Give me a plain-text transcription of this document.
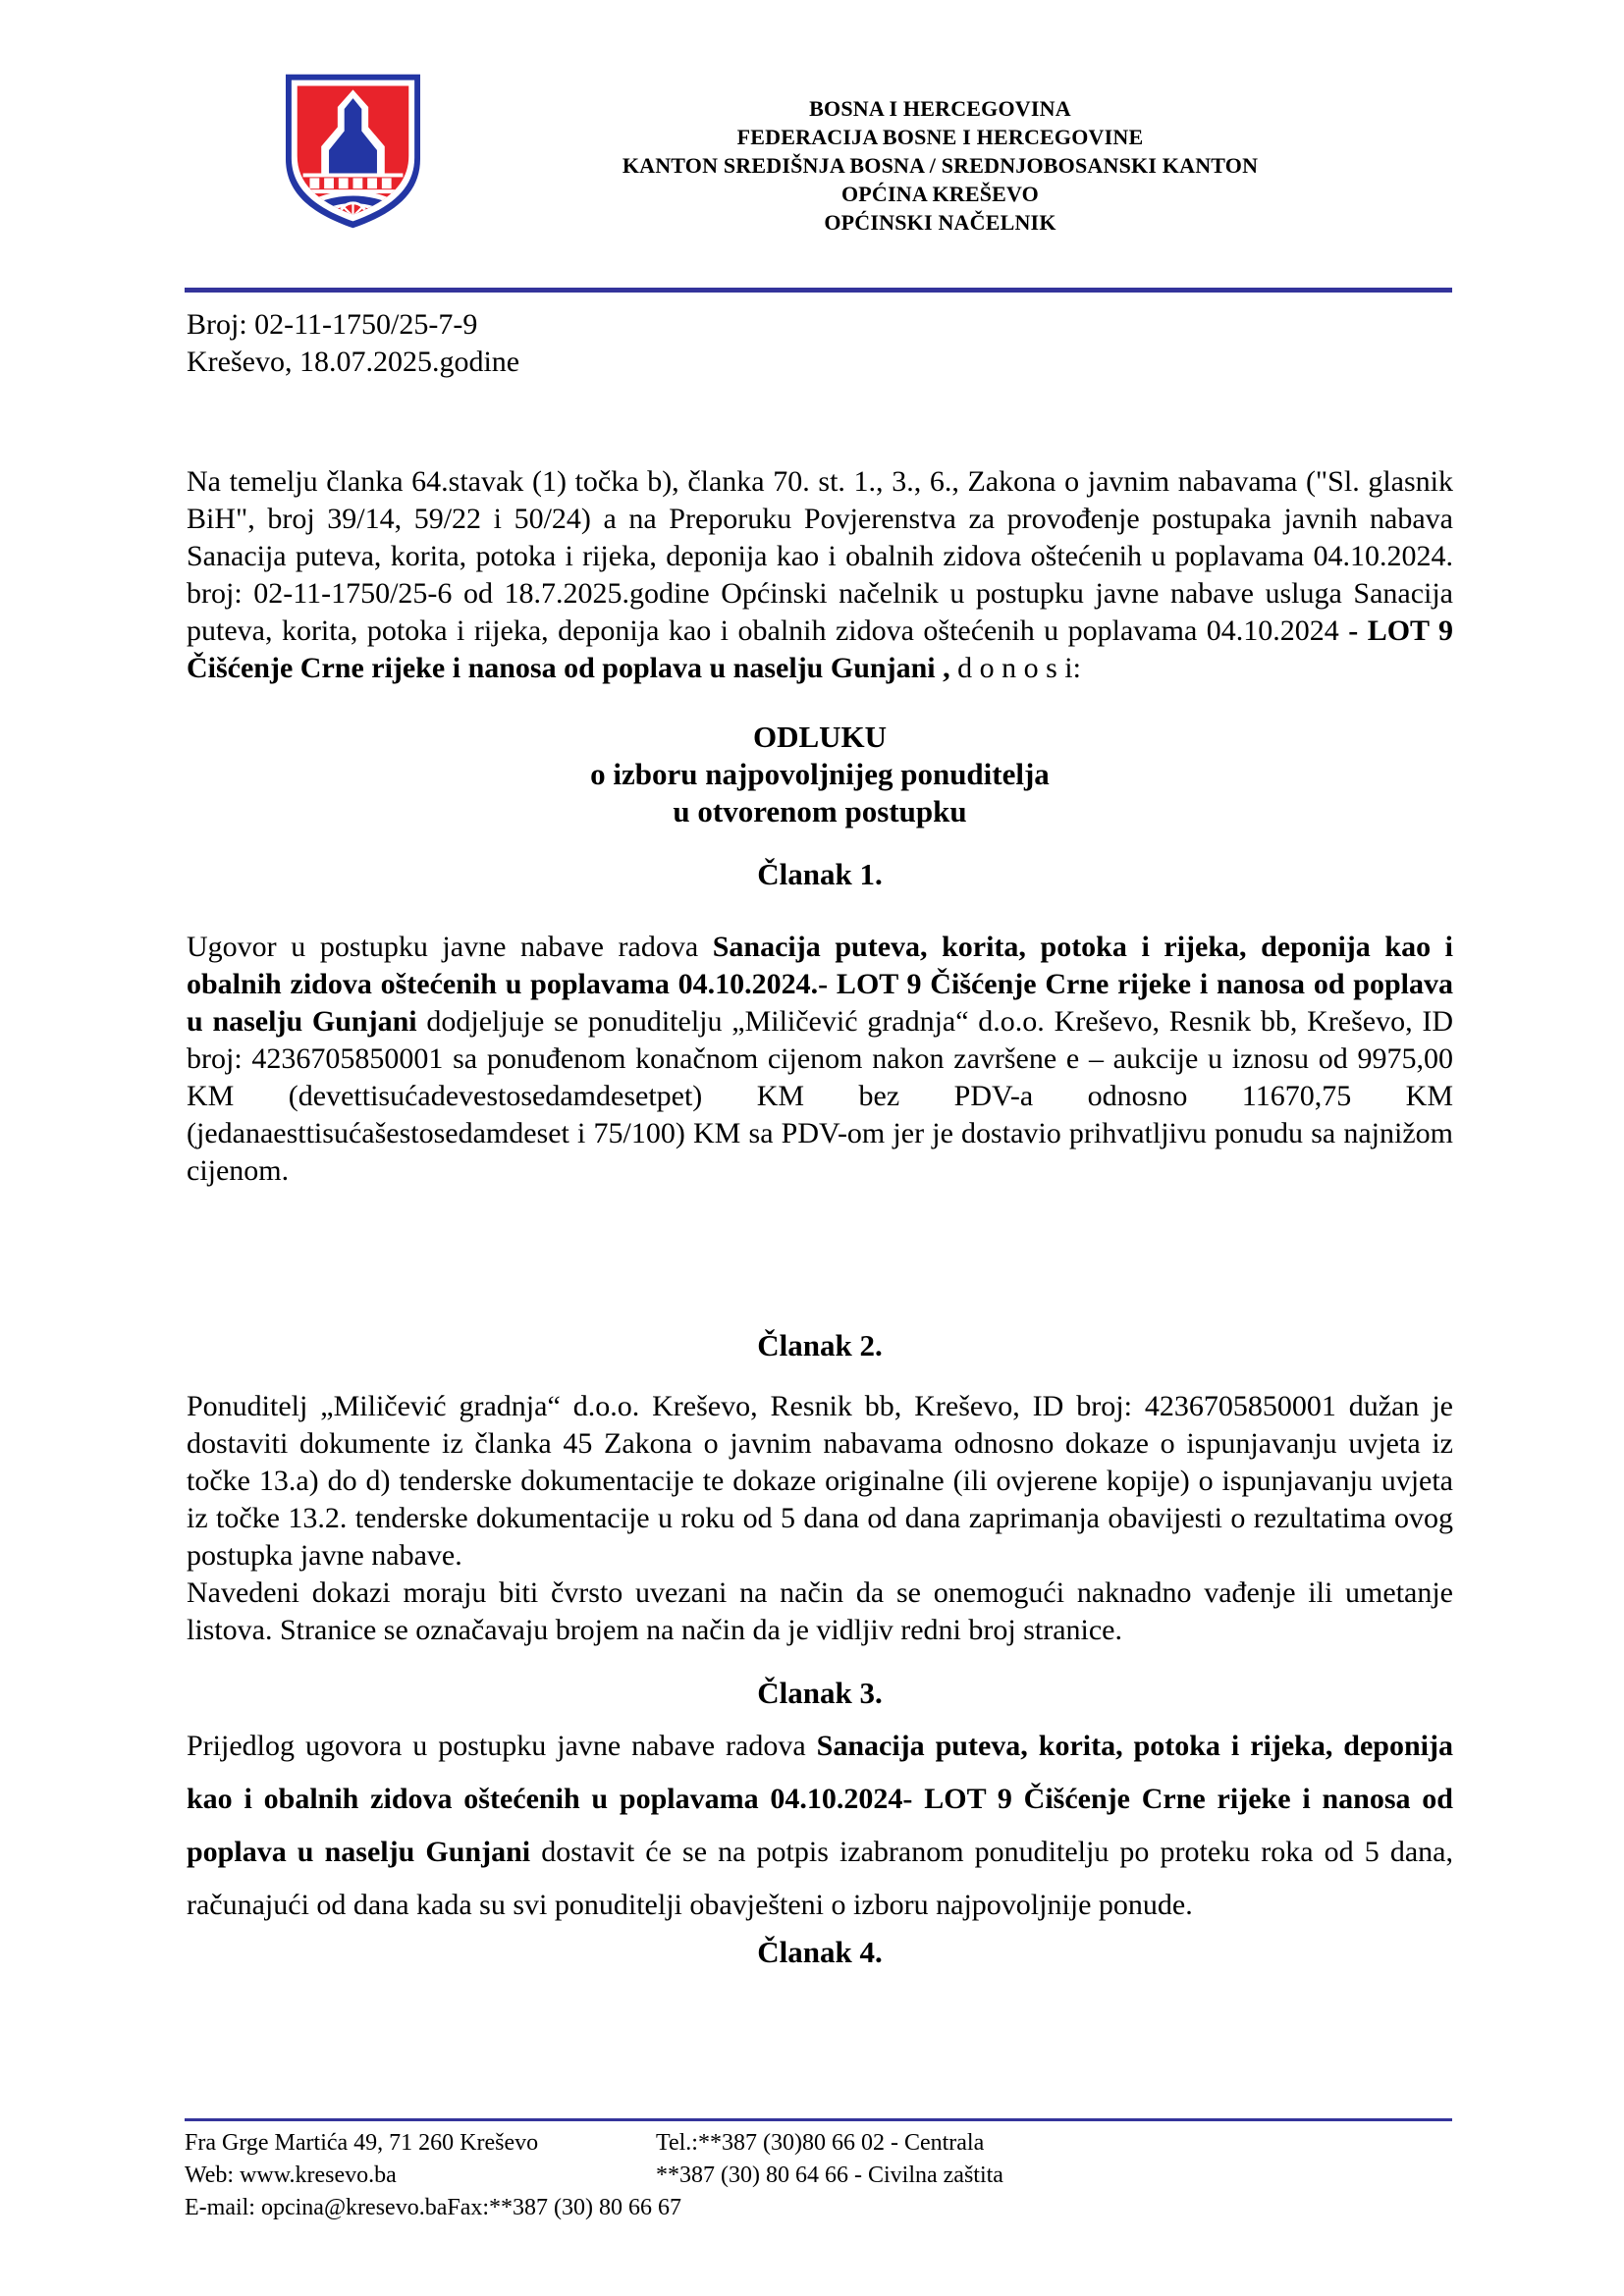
BOSNA I HERCEGOVINA
FEDERACIJA BOSNE I HERCEGOVINE
KANTON SREDIŠNJA BOSNA / SREDNJOBOSANSKI KANTON
OPĆINA KREŠEVO
OPĆINSKI NAČELNIK
Broj: 02-11-1750/25-7-9
Kreševo, 18.07.2025.godine

Na temelju članka 64.stavak (1) točka b), članka 70. st. 1., 3., 6., Zakona o javnim nabavama ("Sl. glasnik BiH", broj 39/14, 59/22 i 50/24) a na Preporuku Povjerenstva za provođenje postupaka javnih nabava Sanacija puteva, korita, potoka i rijeka, deponija kao i obalnih zidova oštećenih u poplavama 04.10.2024. broj: 02-11-1750/25-6 od 18.7.2025.godine Općinski načelnik u postupku javne nabave usluga Sanacija puteva, korita, potoka i rijeka, deponija kao i obalnih zidova oštećenih u poplavama 04.10.2024 - LOT 9 Čišćenje Crne rijeke i nanosa od poplava u naselju Gunjani , d o n o s i:

ODLUKU
o izboru najpovoljnijeg ponuditelja
u otvorenom postupku
Članak 1.

Ugovor u postupku javne nabave radova Sanacija puteva, korita, potoka i rijeka, deponija kao i obalnih zidova oštećenih u poplavama 04.10.2024.- LOT 9 Čišćenje Crne rijeke i nanosa od poplava u naselju Gunjani dodjeljuje se ponuditelju „Miličević gradnja“ d.o.o. Kreševo, Resnik bb, Kreševo, ID broj: 4236705850001 sa ponuđenom konačnom cijenom nakon završene e – aukcije u iznosu od 9975,00 KM (devettisućadevestosedamdesetpet) KM bez PDV-a odnosno 11670,75 KM (jedanaesttisućašestosedamdeset i 75/100) KM sa PDV-om jer je dostavio prihvatljivu ponudu sa najnižom cijenom.

Članak 2.

Ponuditelj „Miličević gradnja“ d.o.o. Kreševo, Resnik bb, Kreševo, ID broj: 4236705850001 dužan je dostaviti dokumente iz članka 45 Zakona o javnim nabavama odnosno dokaze o ispunjavanju uvjeta iz točke 13.a) do d) tenderske dokumentacije te dokaze originalne (ili ovjerene kopije) o ispunjavanju uvjeta iz točke 13.2. tenderske dokumentacije u roku od 5 dana od dana zaprimanja obavijesti o rezultatima ovog postupka javne nabave.

Navedeni dokazi moraju biti čvrsto uvezani na način da se onemogući naknadno vađenje ili umetanje listova. Stranice se označavaju brojem na način da je vidljiv redni broj stranice.

Članak 3.

Prijedlog ugovora u postupku javne nabave radova Sanacija puteva, korita, potoka i rijeka, deponija kao i obalnih zidova oštećenih u poplavama 04.10.2024- LOT 9 Čišćenje Crne rijeke i nanosa od poplava u naselju Gunjani dostavit će se na potpis izabranom ponuditelju po proteku roka od 5 dana, računajući od dana kada su svi ponuditelji obavješteni o izboru najpovoljnije ponude.

Članak 4.
Fra Grge Martića 49, 71 260 Kreševo	Tel.:**387 (30)80 66 02 - Centrala
Web: www.kresevo.ba	**387 (30) 80 64 66 - Civilna zaštita
E-mail: opcina@kresevo.baFax:**387 (30) 80 66 67
